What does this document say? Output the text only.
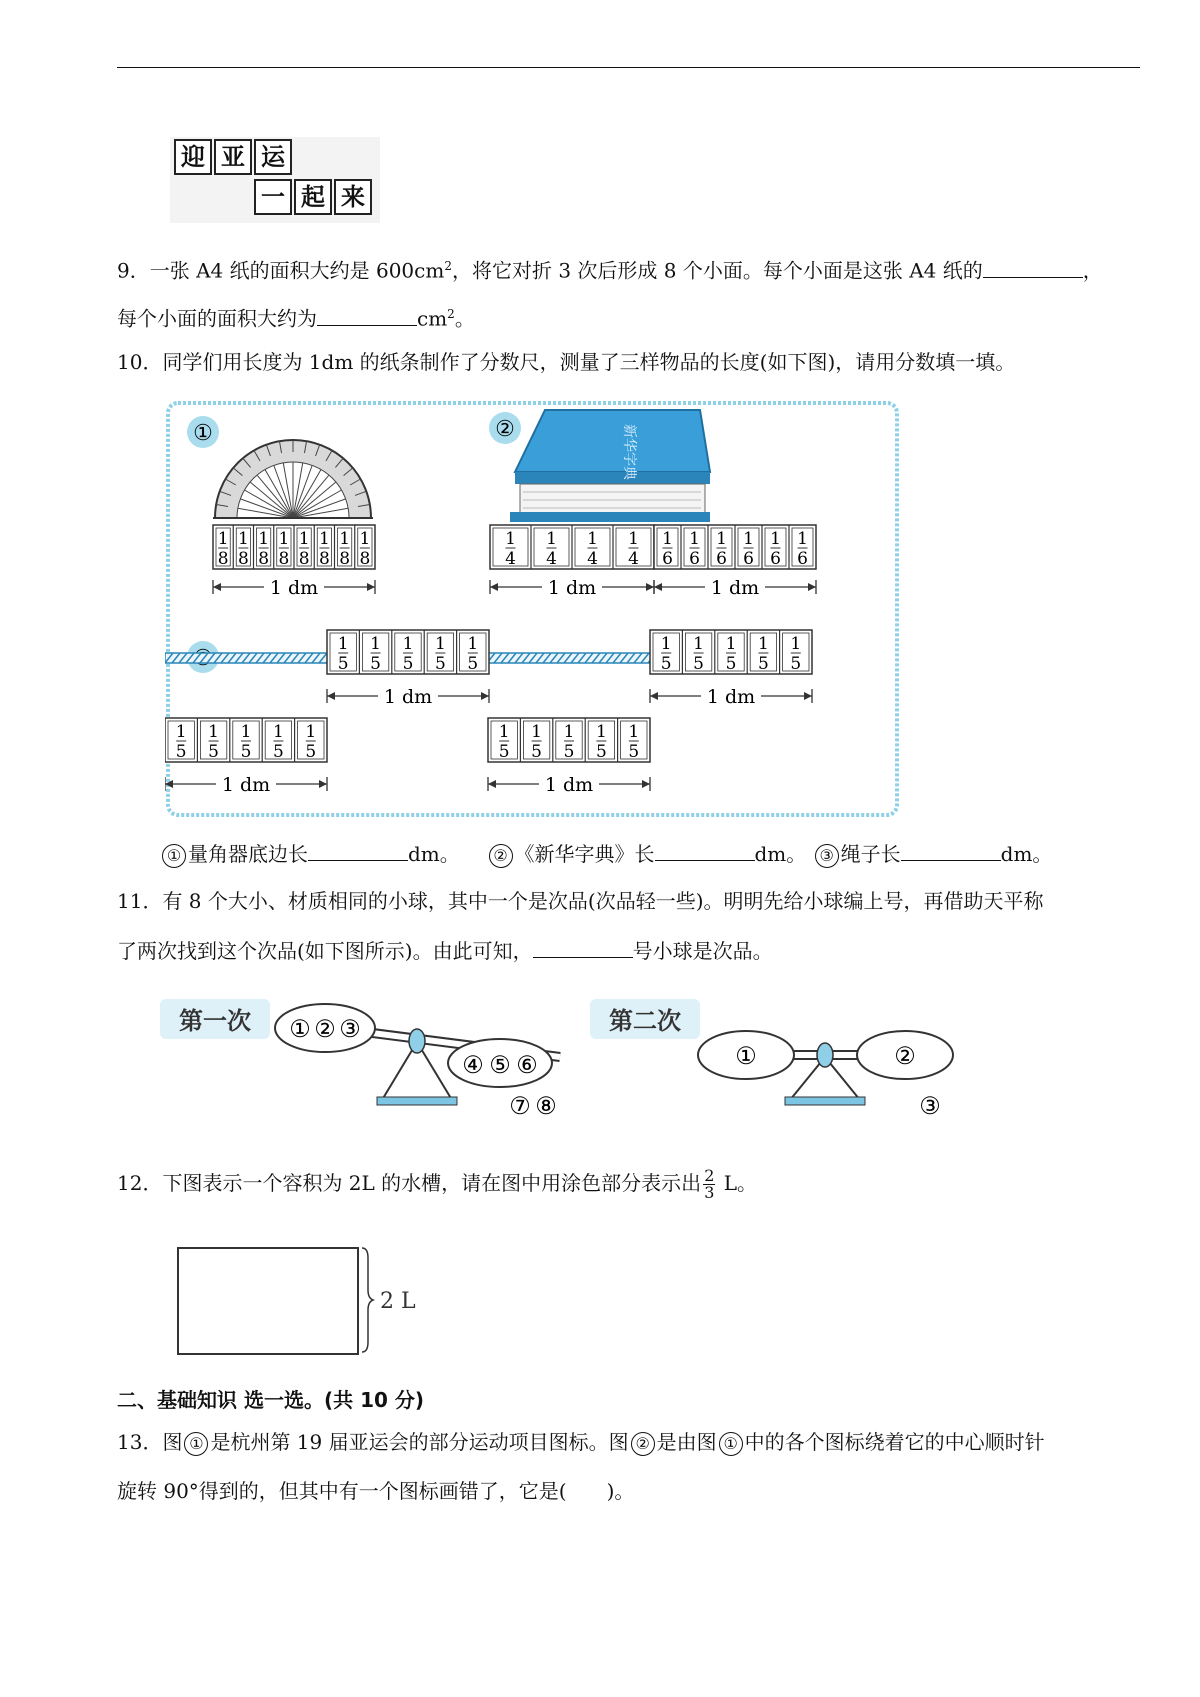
迎 亚 运
一 起 来
9．一张 A4 纸的面积大约是 $600cm^2$，将它对折 3 次后形成 8 个小面。每个小面是这张 A4 纸的	，
每个小面的面积大约为	$cm^2$。
10．同学们用长度为 1dm 的纸条制作了分数尺，测量了三样物品的长度(如下图)，请用分数填一填。
①	②	新华字典
1
8
1
8
1
8
1
8
1
8
1
8
1
8
1
8
1 dm
1
4
1
4
1
4
1
4
1
6
1
6
1
6
1
6
1
6
1
6
1 dm	1 dm
1
5
1
5
1
5
1
5
1
5
1 dm
1
5
1
5
1
5
1
5
1
5
1 dm
1
5
1
5
1
5
1
5
1
5
1 dm
1
5
1
5
1
5
1
5
1
5
1 dm
① 量角器底边长	dm。 ② 《新华字典》长	dm。 ③ 绳子长	dm。
11．有 8 个大小、材质相同的小球，其中一个是次品(次品轻一些)。明明先给小球编上号，再借助天平称
了两次找到这个次品(如下图所示)。由此可知，	号小球是次品。
第一次 ① ② ③
④ ⑤ ⑥
⑦ ⑧
第二次
①	②
③
12．下图表示一个容积为 2L 的水槽，请在图中用涂色部分表示出 $\frac{2}{3}$ L。
2 L
二、基础知识 选一选。(共 10 分)
13．图 ① 是杭州第 19 届亚运会的部分运动项目图标。图 ② 是由图 ① 中的各个图标绕着它的中心顺时针
旋转 90°得到的，但其中有一个图标画错了，它是(　　)。
